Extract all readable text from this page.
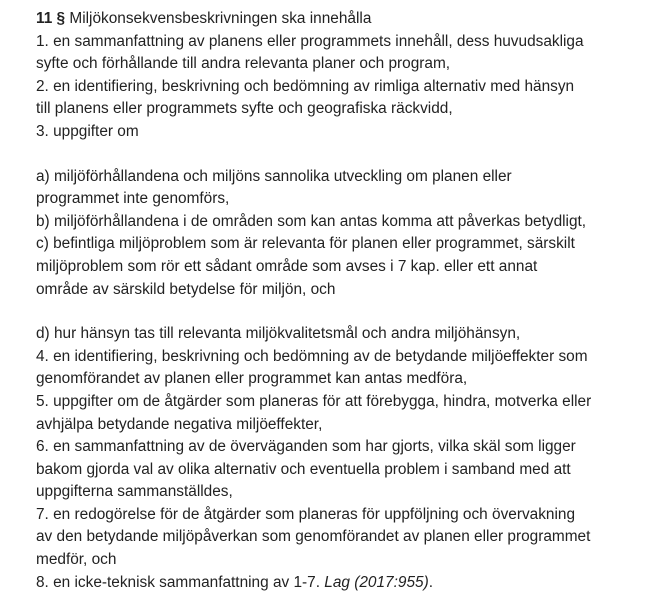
11 § Miljökonsekvensbeskrivningen ska innehålla
1. en sammanfattning av planens eller programmets innehåll, dess huvudsakliga
syfte och förhållande till andra relevanta planer och program,
2. en identifiering, beskrivning och bedömning av rimliga alternativ med hänsyn
till planens eller programmets syfte och geografiska räckvidd,
3. uppgifter om
a) miljöförhållandena och miljöns sannolika utveckling om planen eller
programmet inte genomförs,
b) miljöförhållandena i de områden som kan antas komma att påverkas betydligt,
c) befintliga miljöproblem som är relevanta för planen eller programmet, särskilt
miljöproblem som rör ett sådant område som avses i 7 kap. eller ett annat
område av särskild betydelse för miljön, och
d) hur hänsyn tas till relevanta miljökvalitetsmål och andra miljöhänsyn,
4. en identifiering, beskrivning och bedömning av de betydande miljöeffekter som
genomförandet av planen eller programmet kan antas medföra,
5. uppgifter om de åtgärder som planeras för att förebygga, hindra, motverka eller
avhjälpa betydande negativa miljöeffekter,
6. en sammanfattning av de överväganden som har gjorts, vilka skäl som ligger
bakom gjorda val av olika alternativ och eventuella problem i samband med att
uppgifterna sammanställdes,
7. en redogörelse för de åtgärder som planeras för uppföljning och övervakning
av den betydande miljöpåverkan som genomförandet av planen eller programmet
medför, och
8. en icke-teknisk sammanfattning av 1-7. Lag (2017:955).
